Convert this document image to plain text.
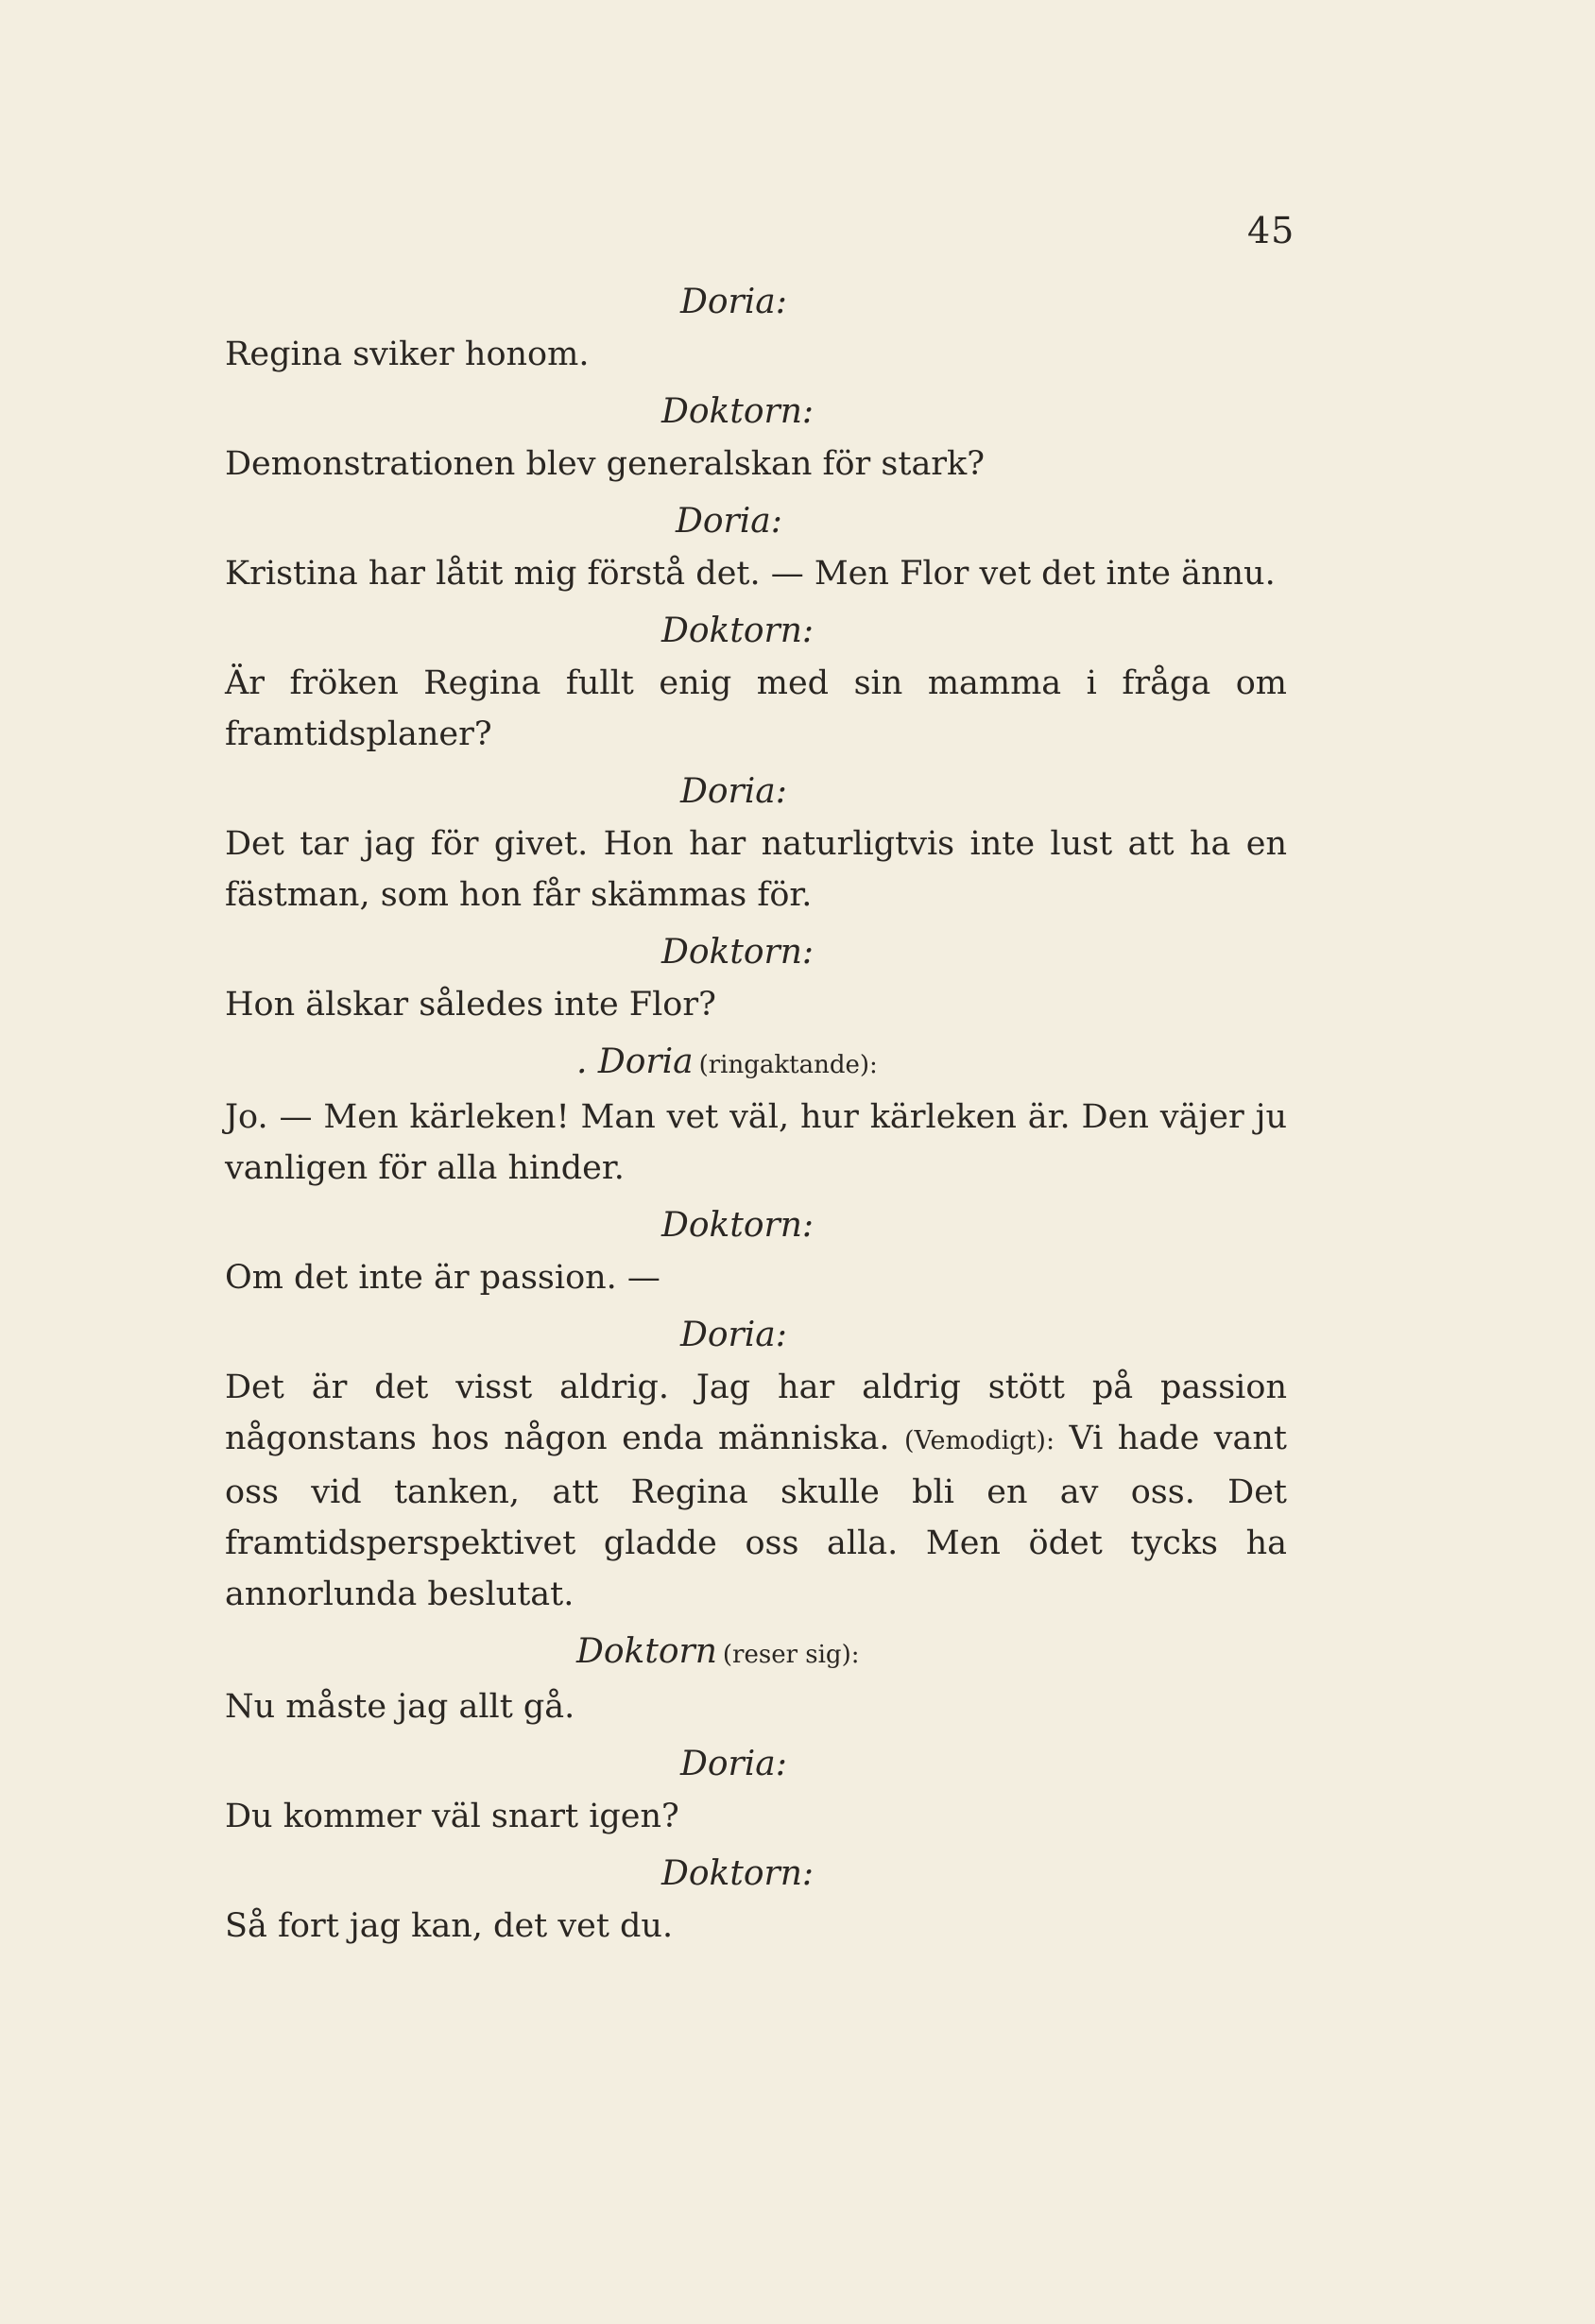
45

Doria:

Regina sviker honom.

Doktorn:

Demonstrationen blev generalskan för stark?

Doria:

Kristina har låtit mig förstå det. — Men Flor vet det inte ännu.

Doktorn:

Är fröken Regina fullt enig med sin mamma i fråga om framtidsplaner?

Doria:

Det tar jag för givet. Hon har naturligtvis inte lust att ha en fästman, som hon får skämmas för.

Doktorn:

Hon älskar således inte Flor?

. Doria (ringaktande):

Jo. — Men kärleken! Man vet väl, hur kärleken är. Den väjer ju vanligen för alla hinder.

Doktorn:

Om det inte är passion. —

Doria:

Det är det visst aldrig. Jag har aldrig stött på passion någonstans hos någon enda människa. (Vemodigt): Vi hade vant oss vid tanken, att Regina skulle bli en av oss. Det framtidsperspektivet gladde oss alla. Men ödet tycks ha annorlunda beslutat.

Doktorn (reser sig):

Nu måste jag allt gå.

Doria:

Du kommer väl snart igen?

Doktorn:

Så fort jag kan, det vet du.
